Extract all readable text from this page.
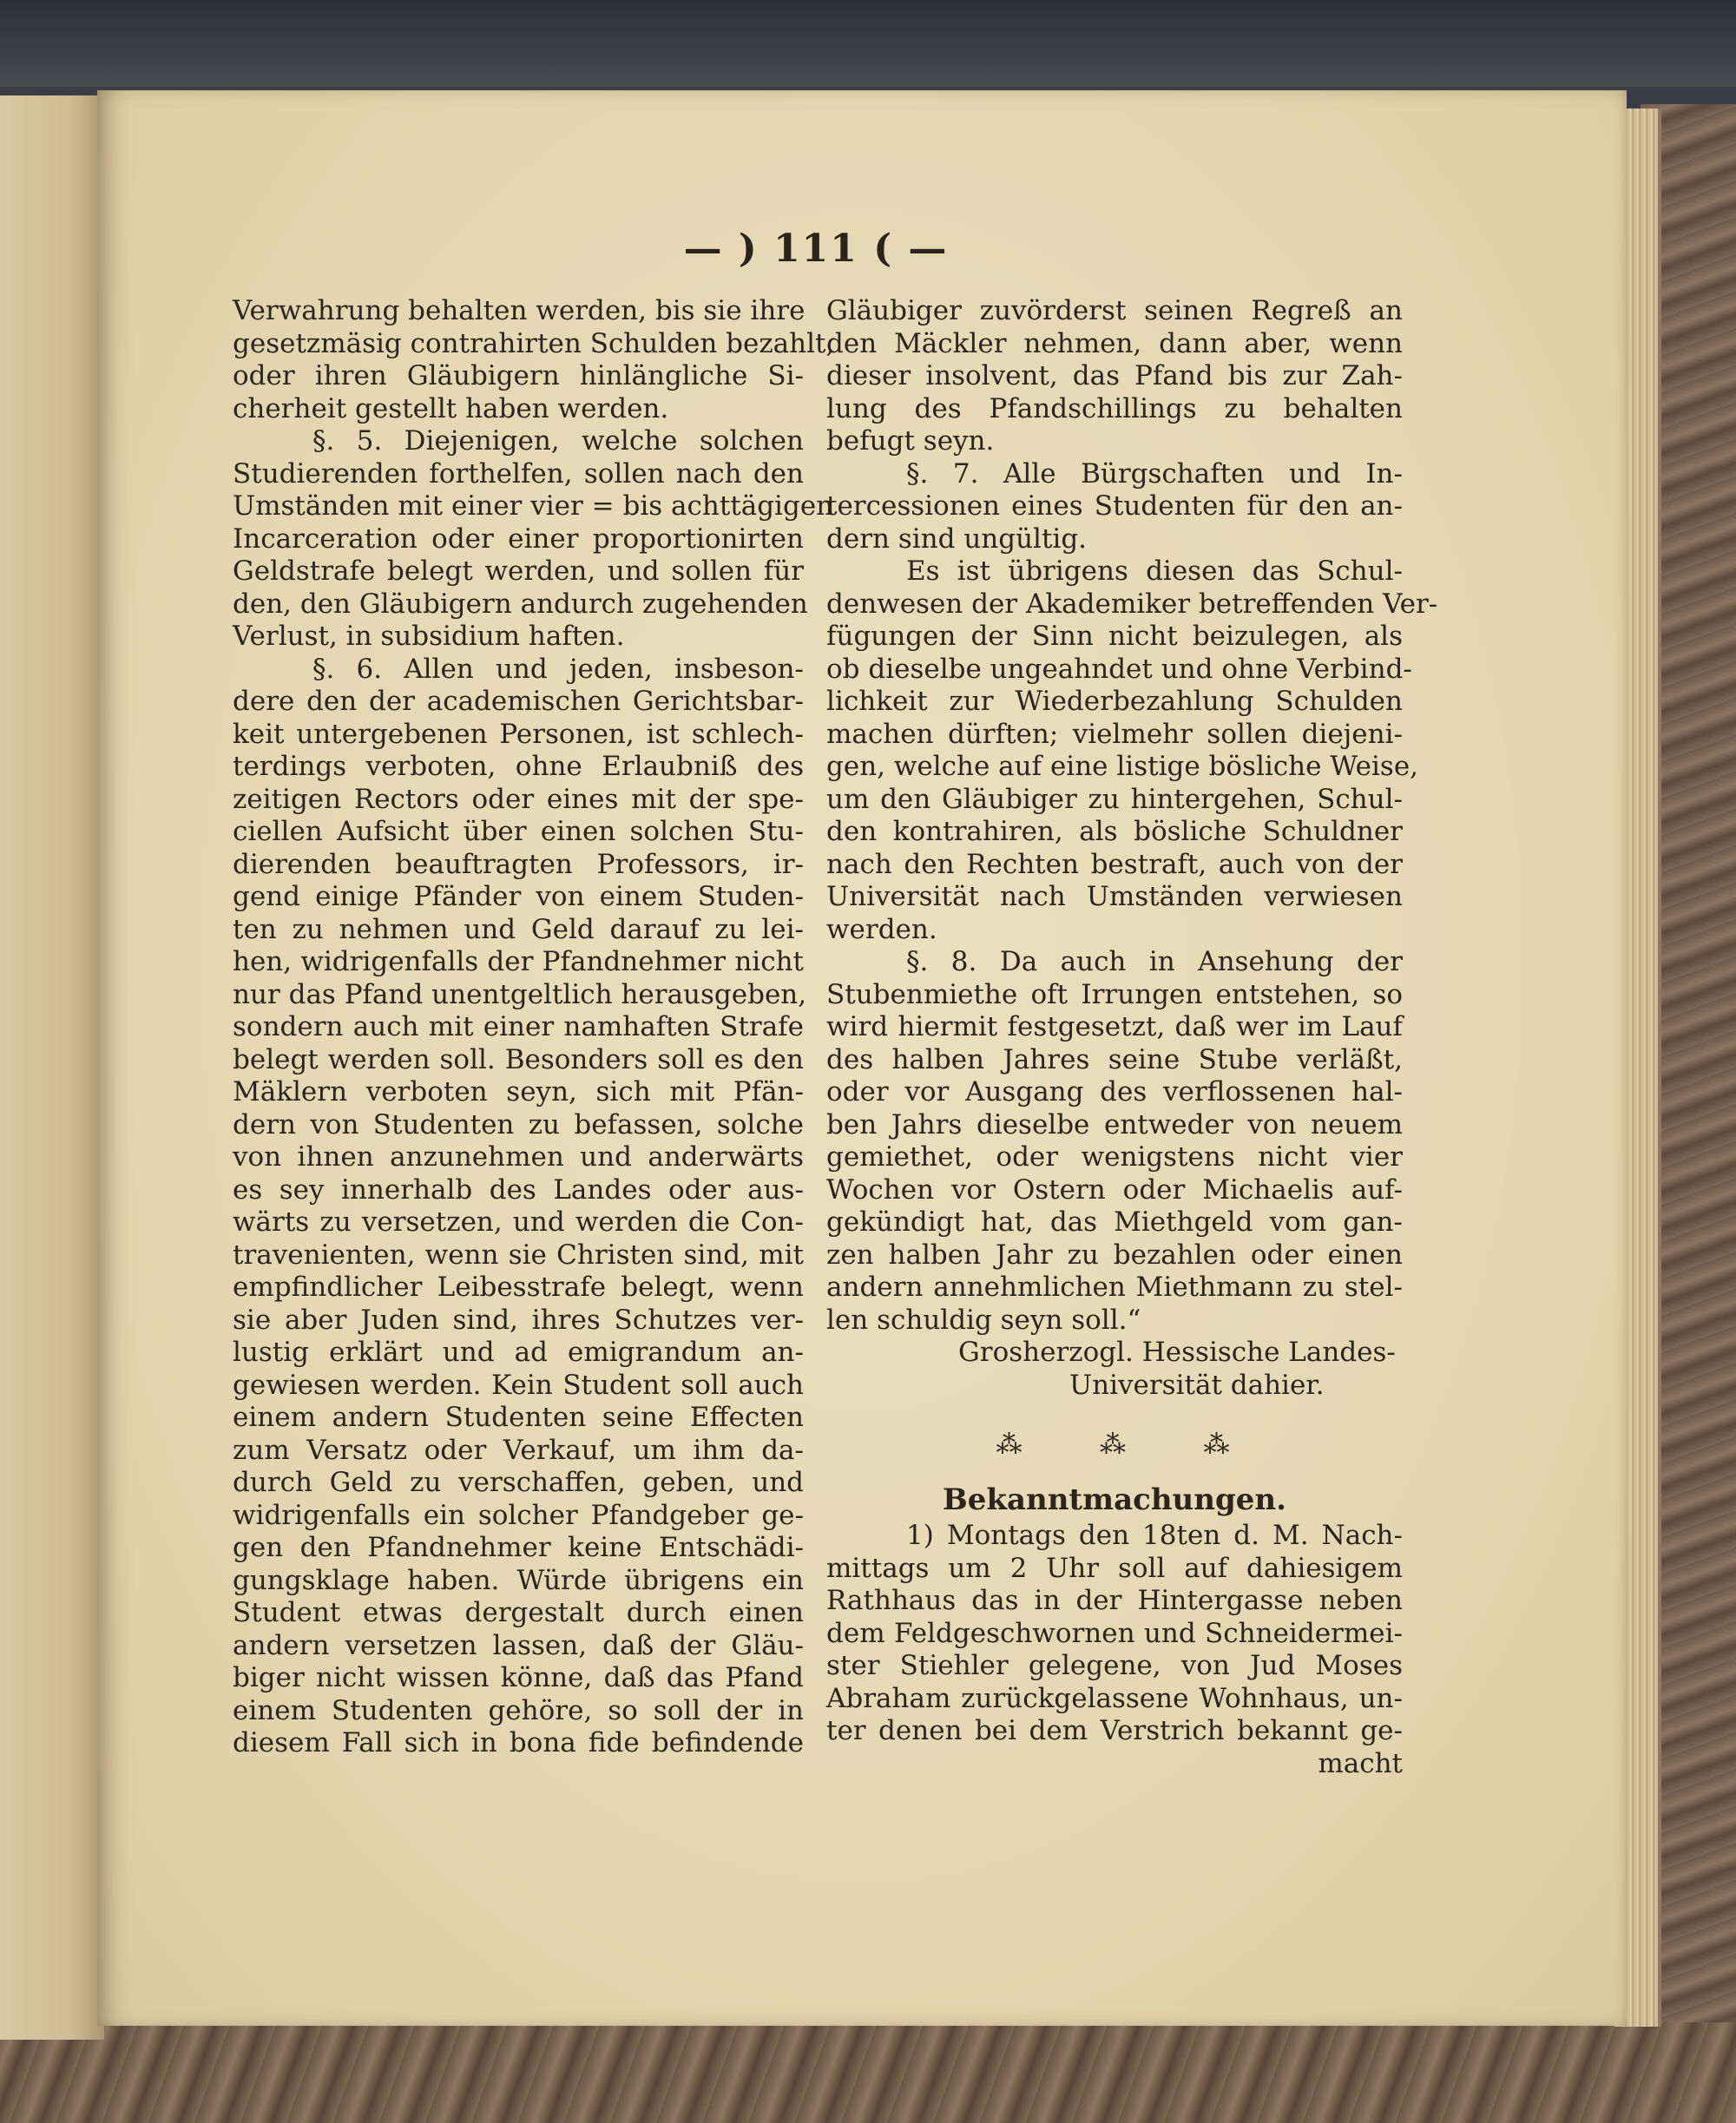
— ) 111 ( —
Verwahrung behalten werden, bis sie ihre
gesetzmäsig contrahirten Schulden bezahlt,
oder ihren Gläubigern hinlängliche Si-
cherheit gestellt haben werden.
§. 5. Diejenigen, welche solchen
Studierenden forthelfen, sollen nach den
Umständen mit einer vier = bis achttägigen
Incarceration oder einer proportionirten
Geldstrafe belegt werden, und sollen für
den, den Gläubigern andurch zugehenden
Verlust, in subsidium haften.
§. 6. Allen und jeden, insbeson-
dere den der academischen Gerichtsbar-
keit untergebenen Personen, ist schlech-
terdings verboten, ohne Erlaubniß des
zeitigen Rectors oder eines mit der spe-
ciellen Aufsicht über einen solchen Stu-
dierenden beauftragten Professors, ir-
gend einige Pfänder von einem Studen-
ten zu nehmen und Geld darauf zu lei-
hen, widrigenfalls der Pfandnehmer nicht
nur das Pfand unentgeltlich herausgeben,
sondern auch mit einer namhaften Strafe
belegt werden soll. Besonders soll es den
Mäklern verboten seyn, sich mit Pfän-
dern von Studenten zu befassen, solche
von ihnen anzunehmen und anderwärts
es sey innerhalb des Landes oder aus-
wärts zu versetzen, und werden die Con-
travenienten, wenn sie Christen sind, mit
empfindlicher Leibesstrafe belegt, wenn
sie aber Juden sind, ihres Schutzes ver-
lustig erklärt und ad emigrandum an-
gewiesen werden. Kein Student soll auch
einem andern Studenten seine Effecten
zum Versatz oder Verkauf, um ihm da-
durch Geld zu verschaffen, geben, und
widrigenfalls ein solcher Pfandgeber ge-
gen den Pfandnehmer keine Entschädi-
gungsklage haben. Würde übrigens ein
Student etwas dergestalt durch einen
andern versetzen lassen, daß der Gläu-
biger nicht wissen könne, daß das Pfand
einem Studenten gehöre, so soll der in
diesem Fall sich in bona fide befindende
Gläubiger zuvörderst seinen Regreß an
den Mäckler nehmen, dann aber, wenn
dieser insolvent, das Pfand bis zur Zah-
lung des Pfandschillings zu behalten
befugt seyn.
§. 7. Alle Bürgschaften und In-
tercessionen eines Studenten für den an-
dern sind ungültig.
Es ist übrigens diesen das Schul-
denwesen der Akademiker betreffenden Ver-
fügungen der Sinn nicht beizulegen, als
ob dieselbe ungeahndet und ohne Verbind-
lichkeit zur Wiederbezahlung Schulden
machen dürften; vielmehr sollen diejeni-
gen, welche auf eine listige bösliche Weise,
um den Gläubiger zu hintergehen, Schul-
den kontrahiren, als bösliche Schuldner
nach den Rechten bestraft, auch von der
Universität nach Umständen verwiesen
werden.
§. 8. Da auch in Ansehung der
Stubenmiethe oft Irrungen entstehen, so
wird hiermit festgesetzt, daß wer im Lauf
des halben Jahres seine Stube verläßt,
oder vor Ausgang des verflossenen hal-
ben Jahrs dieselbe entweder von neuem
gemiethet, oder wenigstens nicht vier
Wochen vor Ostern oder Michaelis auf-
gekündigt hat, das Miethgeld vom gan-
zen halben Jahr zu bezahlen oder einen
andern annehmlichen Miethmann zu stel-
len schuldig seyn soll.“
Grosherzogl. Hessische Landes-
Universität dahier.
⁂	⁂	⁂
Bekanntmachungen.
1) Montags den 18ten d. M. Nach-
mittags um 2 Uhr soll auf dahiesigem
Rathhaus das in der Hintergasse neben
dem Feldgeschwornen und Schneidermei-
ster Stiehler gelegene, von Jud Moses
Abraham zurückgelassene Wohnhaus, un-
ter denen bei dem Verstrich bekannt ge-
macht
